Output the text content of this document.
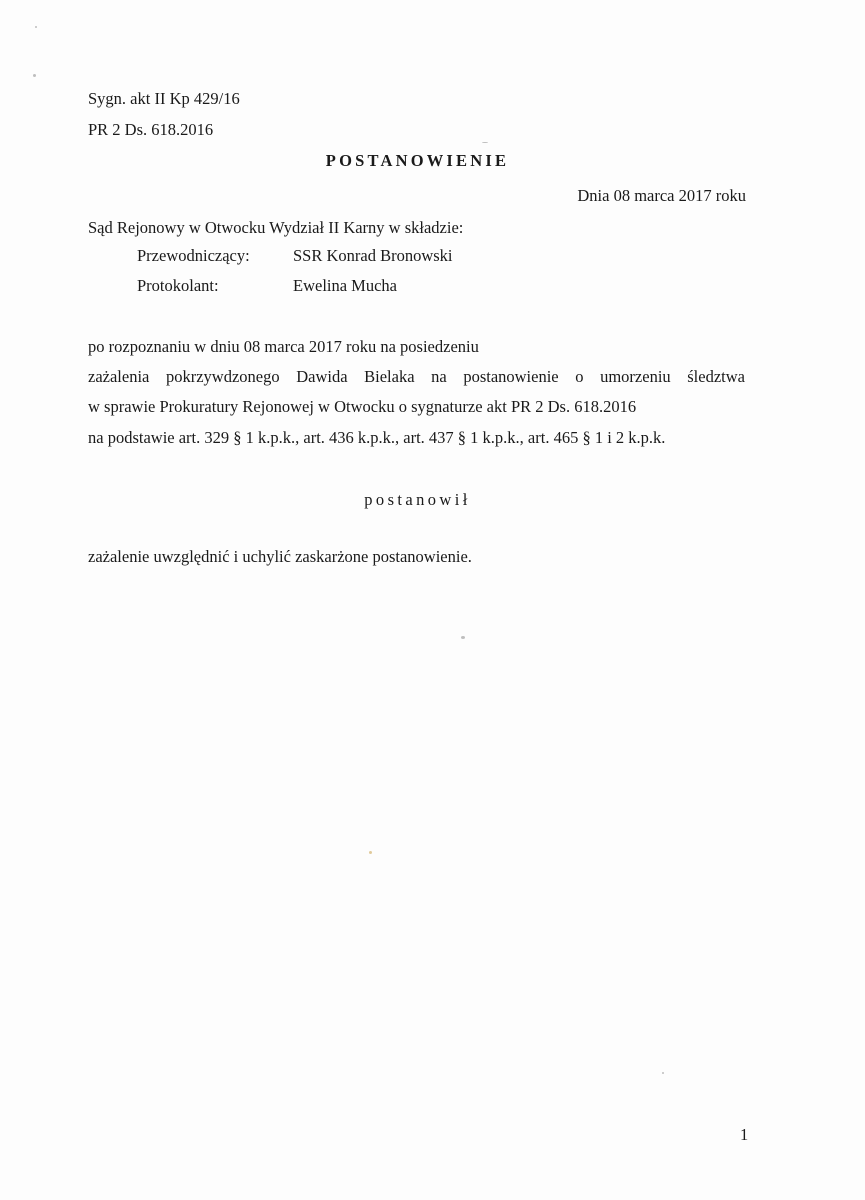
Sygn. akt II Kp 429/16
PR 2 Ds. 618.2016
POSTANOWIENIE
Dnia 08 marca 2017 roku
Sąd Rejonowy w Otwocku Wydział II Karny w składzie:
Przewodniczący:	SSR Konrad Bronowski
Protokolant:	Ewelina Mucha
po rozpoznaniu w dniu 08 marca 2017 roku na posiedzeniu
zażalenia pokrzywdzonego Dawida Bielaka na postanowienie o umorzeniu śledztwa
w sprawie Prokuratury Rejonowej w Otwocku o sygnaturze akt PR 2 Ds. 618.2016
na podstawie art. 329 § 1 k.p.k., art. 436 k.p.k., art. 437 § 1 k.p.k., art. 465 § 1 i 2 k.p.k.
postanowił
zażalenie uwzględnić i uchylić zaskarżone postanowienie.
1
